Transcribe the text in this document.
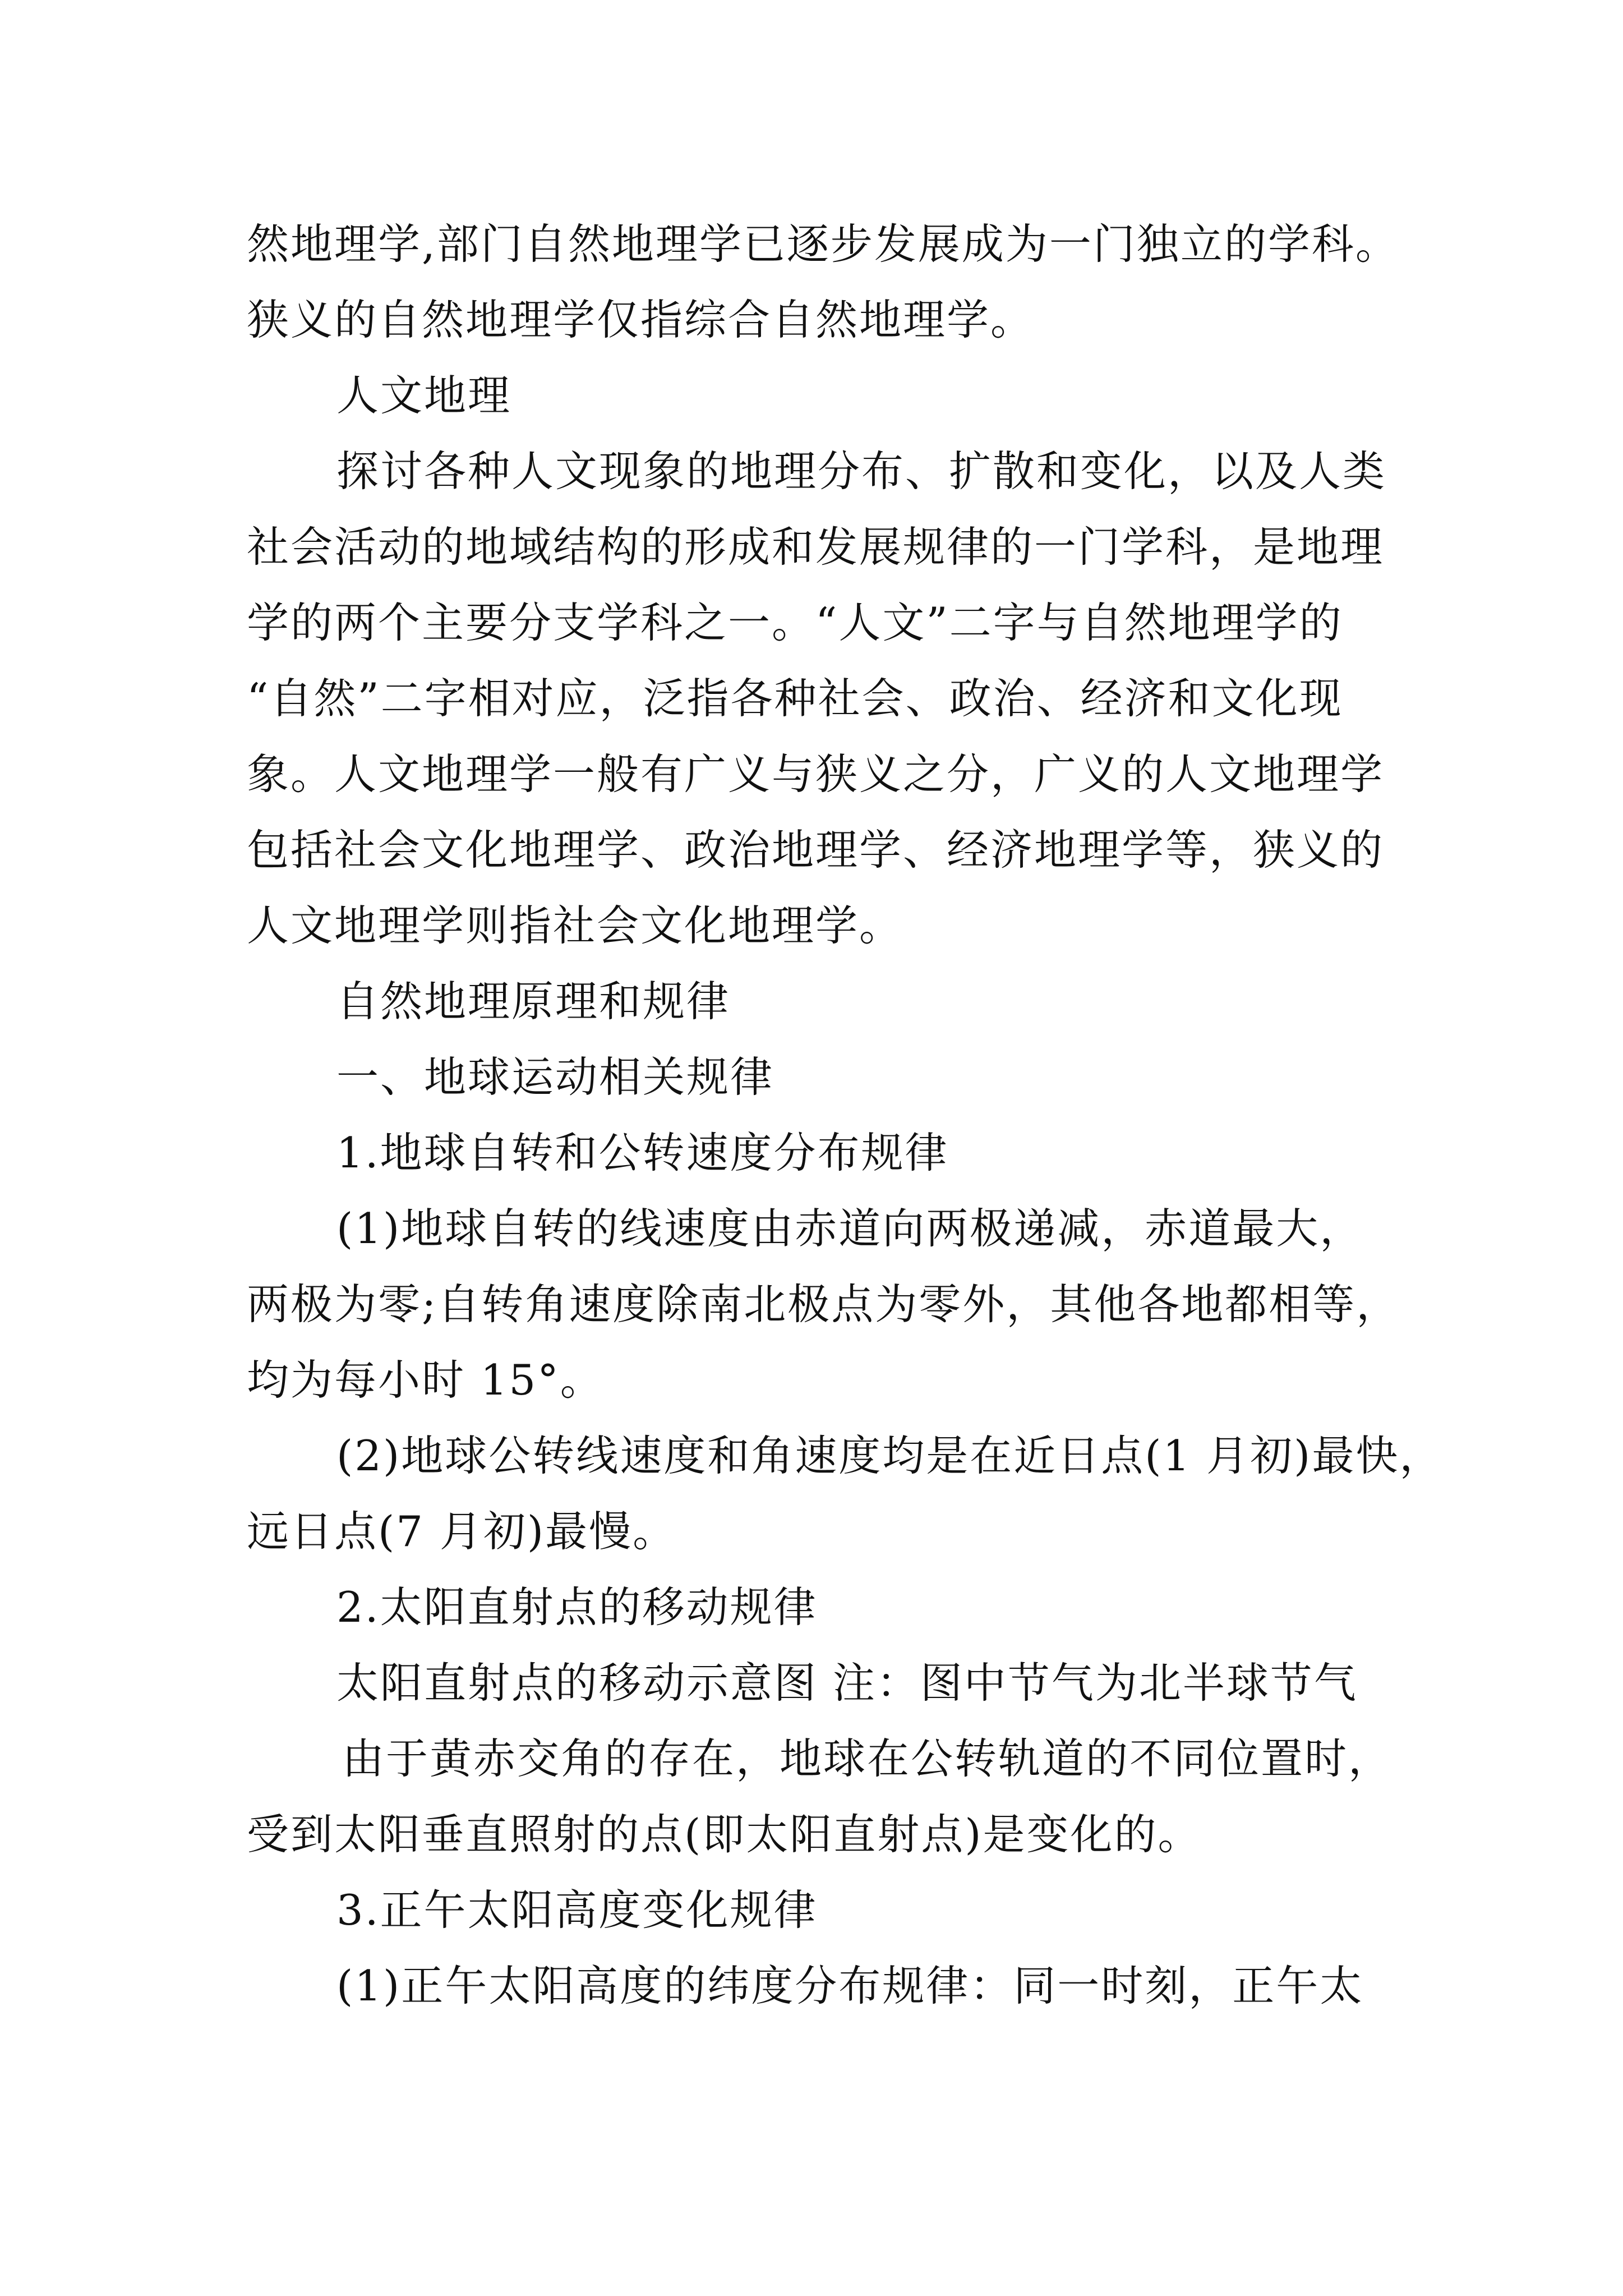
然地理学,部门自然地理学已逐步发展成为一门独立的学科。

狭义的自然地理学仅指综合自然地理学。

人文地理

探讨各种人文现象的地理分布、扩散和变化，以及人类

社会活动的地域结构的形成和发展规律的一门学科，是地理

学的两个主要分支学科之一。“人文”二字与自然地理学的

“自然”二字相对应，泛指各种社会、政治、经济和文化现

象。人文地理学一般有广义与狭义之分，广义的人文地理学

包括社会文化地理学、政治地理学、经济地理学等，狭义的

人文地理学则指社会文化地理学。

自然地理原理和规律

一、地球运动相关规律

1.地球自转和公转速度分布规律

(1)地球自转的线速度由赤道向两极递减，赤道最大，

两极为零;自转角速度除南北极点为零外，其他各地都相等，

均为每小时 15°。

(2)地球公转线速度和角速度均是在近日点(1 月初)最快，

远日点(7 月初)最慢。

2.太阳直射点的移动规律

太阳直射点的移动示意图 注：图中节气为北半球节气

由于黄赤交角的存在，地球在公转轨道的不同位置时，

受到太阳垂直照射的点(即太阳直射点)是变化的。

3.正午太阳高度变化规律

(1)正午太阳高度的纬度分布规律：同一时刻，正午太
